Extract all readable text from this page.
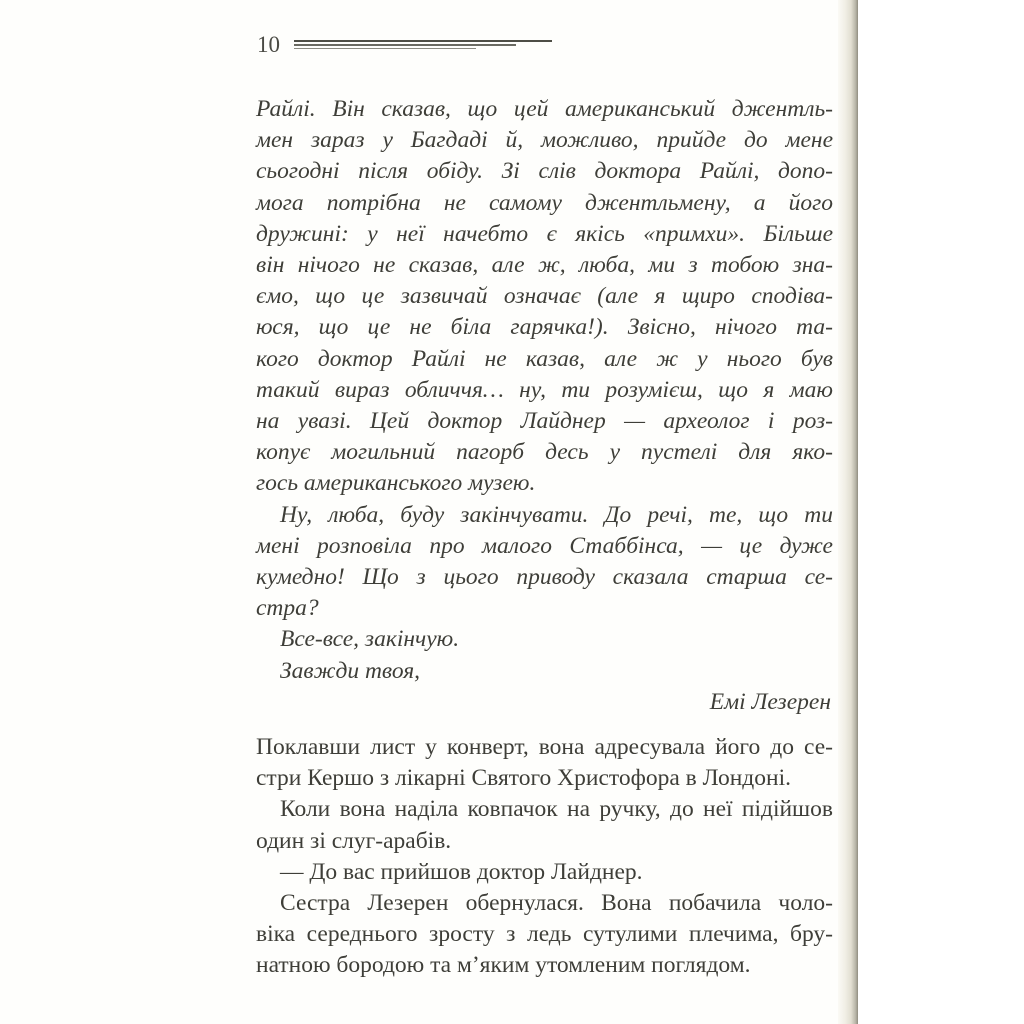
10
Райлі. Він сказав, що цей американський джентль-
мен зараз у Багдаді й, можливо, прийде до мене
сьогодні після обіду. Зі слів доктора Райлі, допо-
мога потрібна не самому джентльмену, а його
дружині: у неї начебто є якісь «примхи». Більше
він нічого не сказав, але ж, люба, ми з тобою зна-
ємо, що це зазвичай означає (але я щиро сподіва-
юся, що це не біла гарячка!). Звісно, нічого та-
кого доктор Райлі не казав, але ж у нього був
такий вираз обличчя… ну, ти розумієш, що я маю
на увазі. Цей доктор Лайднер — археолог і роз-
копує могильний пагорб десь у пустелі для яко-
гось американського музею.
Ну, люба, буду закінчувати. До речі, те, що ти
мені розповіла про малого Стаббінса, — це дуже
кумедно! Що з цього приводу сказала старша се-
стра?
Все-все, закінчую.
Завжди твоя,
Емі Лезерен
Поклавши лист у конверт, вона адресувала його до се-
стри Кершо з лікарні Святого Христофора в Лондоні.
Коли вона наділа ковпачок на ручку, до неї підійшов
один зі слуг-арабів.
— До вас прийшов доктор Лайднер.
Сестра Лезерен обернулася. Вона побачила чоло-
віка середнього зросту з ледь сутулими плечима, бру-
натною бородою та м’яким утомленим поглядом.
